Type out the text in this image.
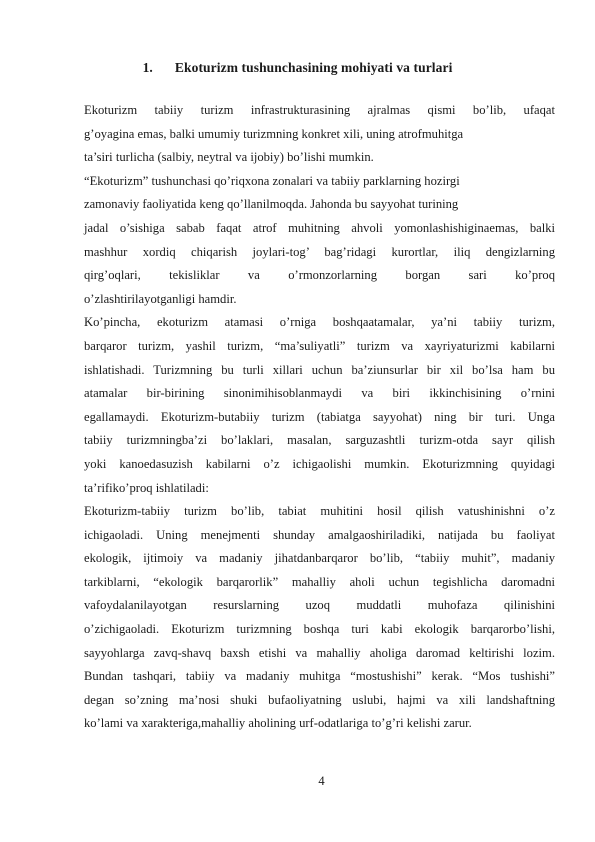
1. Ekoturizm tushunchasining mohiyati va turlari
Ekoturizm tabiiy turizm infrastrukturasining ajralmas qismi bo’lib, ufaqat
g’oyagina emas, balki umumiy turizmning konkret xili, uning atrofmuhitga
ta’siri turlicha (salbiy, neytral va ijobiy) bo’lishi mumkin.
“Ekoturizm” tushunchasi qo’riqxona zonalari va tabiiy parklarning hozirgi
zamonaviy faoliyatida keng qo’llanilmoqda. Jahonda bu sayyohat turining
jadal o’sishiga sabab faqat atrof muhitning ahvoli yomonlashishiginaemas, balki
mashhur xordiq chiqarish joylari-tog’ bag’ridagi kurortlar, iliq dengizlarning
qirg’oqlari, tekisliklar va o’rmonzorlarning borgan sari ko’proq
o’zlashtirilayotganligi hamdir.
Ko’pincha, ekoturizm atamasi o’rniga boshqaatamalar, ya’ni tabiiy turizm,
barqaror turizm, yashil turizm, “ma’suliyatli” turizm va xayriyaturizmi kabilarni
ishlatishadi. Turizmning bu turli xillari uchun ba’ziunsurlar bir xil bo’lsa ham bu
atamalar bir-birining sinonimihisoblanmaydi va biri ikkinchisining o’rnini
egallamaydi. Ekoturizm-butabiiy turizm (tabiatga sayyohat) ning bir turi. Unga
tabiiy turizmningba’zi bo’laklari, masalan, sarguzashtli turizm-otda sayr qilish
yoki kanoedasuzish kabilarni o’z ichigaolishi mumkin. Ekoturizmning quyidagi
ta’rifiko’proq ishlatiladi:
Ekoturizm-tabiiy turizm bo’lib, tabiat muhitini hosil qilish vatushinishni o’z
ichigaoladi. Uning menejmenti shunday amalgaoshiriladiki, natijada bu faoliyat
ekologik, ijtimoiy va madaniy jihatdanbarqaror bo’lib, “tabiiy muhit”, madaniy
tarkiblarni, “ekologik barqarorlik” mahalliy aholi uchun tegishlicha daromadni
vafoydalanilayotgan resurslarning uzoq muddatli muhofaza qilinishini
o’zichigaoladi. Ekoturizm turizmning boshqa turi kabi ekologik barqarorbo’lishi,
sayyohlarga zavq-shavq baxsh etishi va mahalliy aholiga daromad keltirishi lozim.
Bundan tashqari, tabiiy va madaniy muhitga “mostushishi” kerak. “Mos tushishi”
degan so’zning ma’nosi shuki bufaoliyatning uslubi, hajmi va xili landshaftning
ko’lami va xarakteriga,mahalliy aholining urf-odatlariga to’g’ri kelishi zarur.
4
